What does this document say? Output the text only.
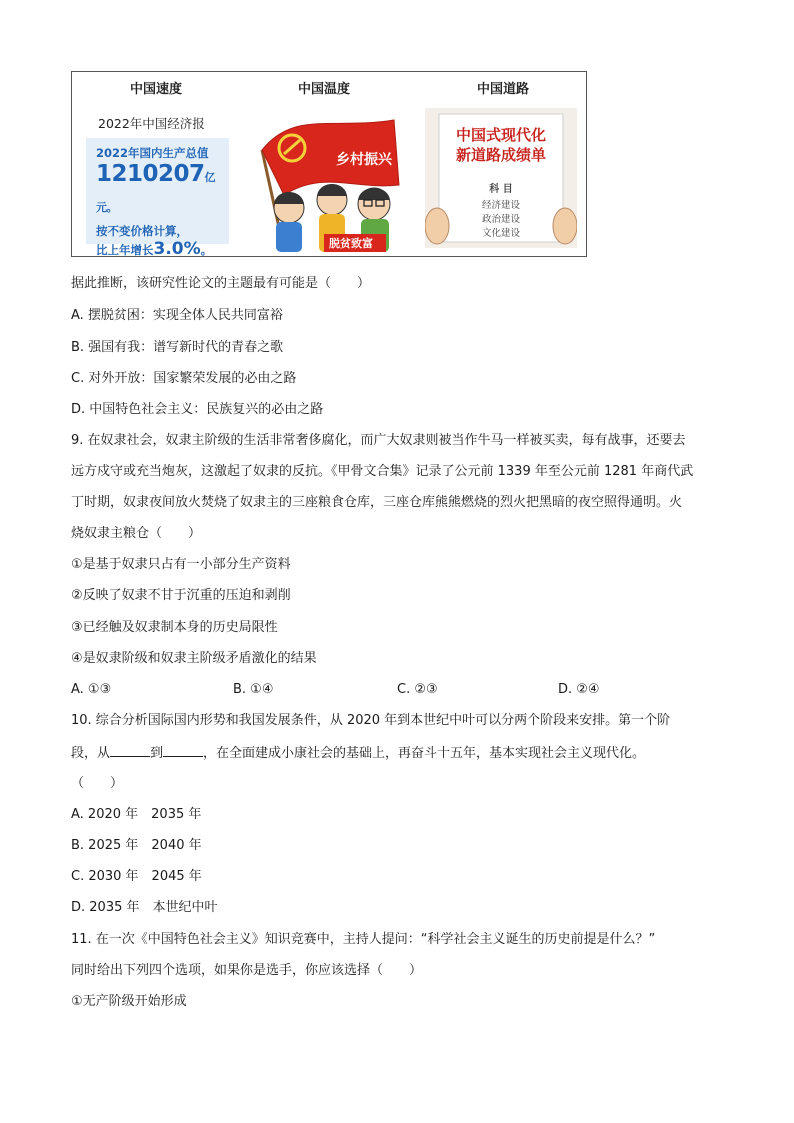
中国速度	中国温度	中国道路
2022年中国经济报
2022年国内生产总值
1210207亿元。
按不变价格计算，
比上年增长3.0%。
乡村振兴
脱贫致富
中国式现代化
新道路成绩单
科 目
经济建设
政治建设
文化建设
据此推断，该研究性论文的主题最有可能是（　　）
A. 摆脱贫困：实现全体人民共同富裕
B. 强国有我：谱写新时代的青春之歌
C. 对外开放：国家繁荣发展的必由之路
D. 中国特色社会主义：民族复兴的必由之路
9. 在奴隶社会，奴隶主阶级的生活非常奢侈腐化，而广大奴隶则被当作牛马一样被买卖，每有战事，还要去
远方戍守或充当炮灰，这激起了奴隶的反抗。《甲骨文合集》记录了公元前 1339 年至公元前 1281 年商代武
丁时期，奴隶夜间放火焚烧了奴隶主的三座粮食仓库，三座仓库熊熊燃烧的烈火把黑暗的夜空照得通明。火
烧奴隶主粮仓（　　）
①是基于奴隶只占有一小部分生产资料
②反映了奴隶不甘于沉重的压迫和剥削
③已经触及奴隶制本身的历史局限性
④是奴隶阶级和奴隶主阶级矛盾激化的结果
A. ①③	B. ①④	C. ②③	D. ②④
10. 综合分析国际国内形势和我国发展条件，从 2020 年到本世纪中叶可以分两个阶段来安排。第一个阶
段，从	到	，在全面建成小康社会的基础上，再奋斗十五年，基本实现社会主义现代化。
（　　）
A. 2020 年　2035 年
B. 2025 年　2040 年
C. 2030 年　2045 年
D. 2035 年　本世纪中叶
11. 在一次《中国特色社会主义》知识竞赛中，主持人提问：“科学社会主义诞生的历史前提是什么？”
同时给出下列四个选项，如果你是选手，你应该选择（　　）
①无产阶级开始形成
